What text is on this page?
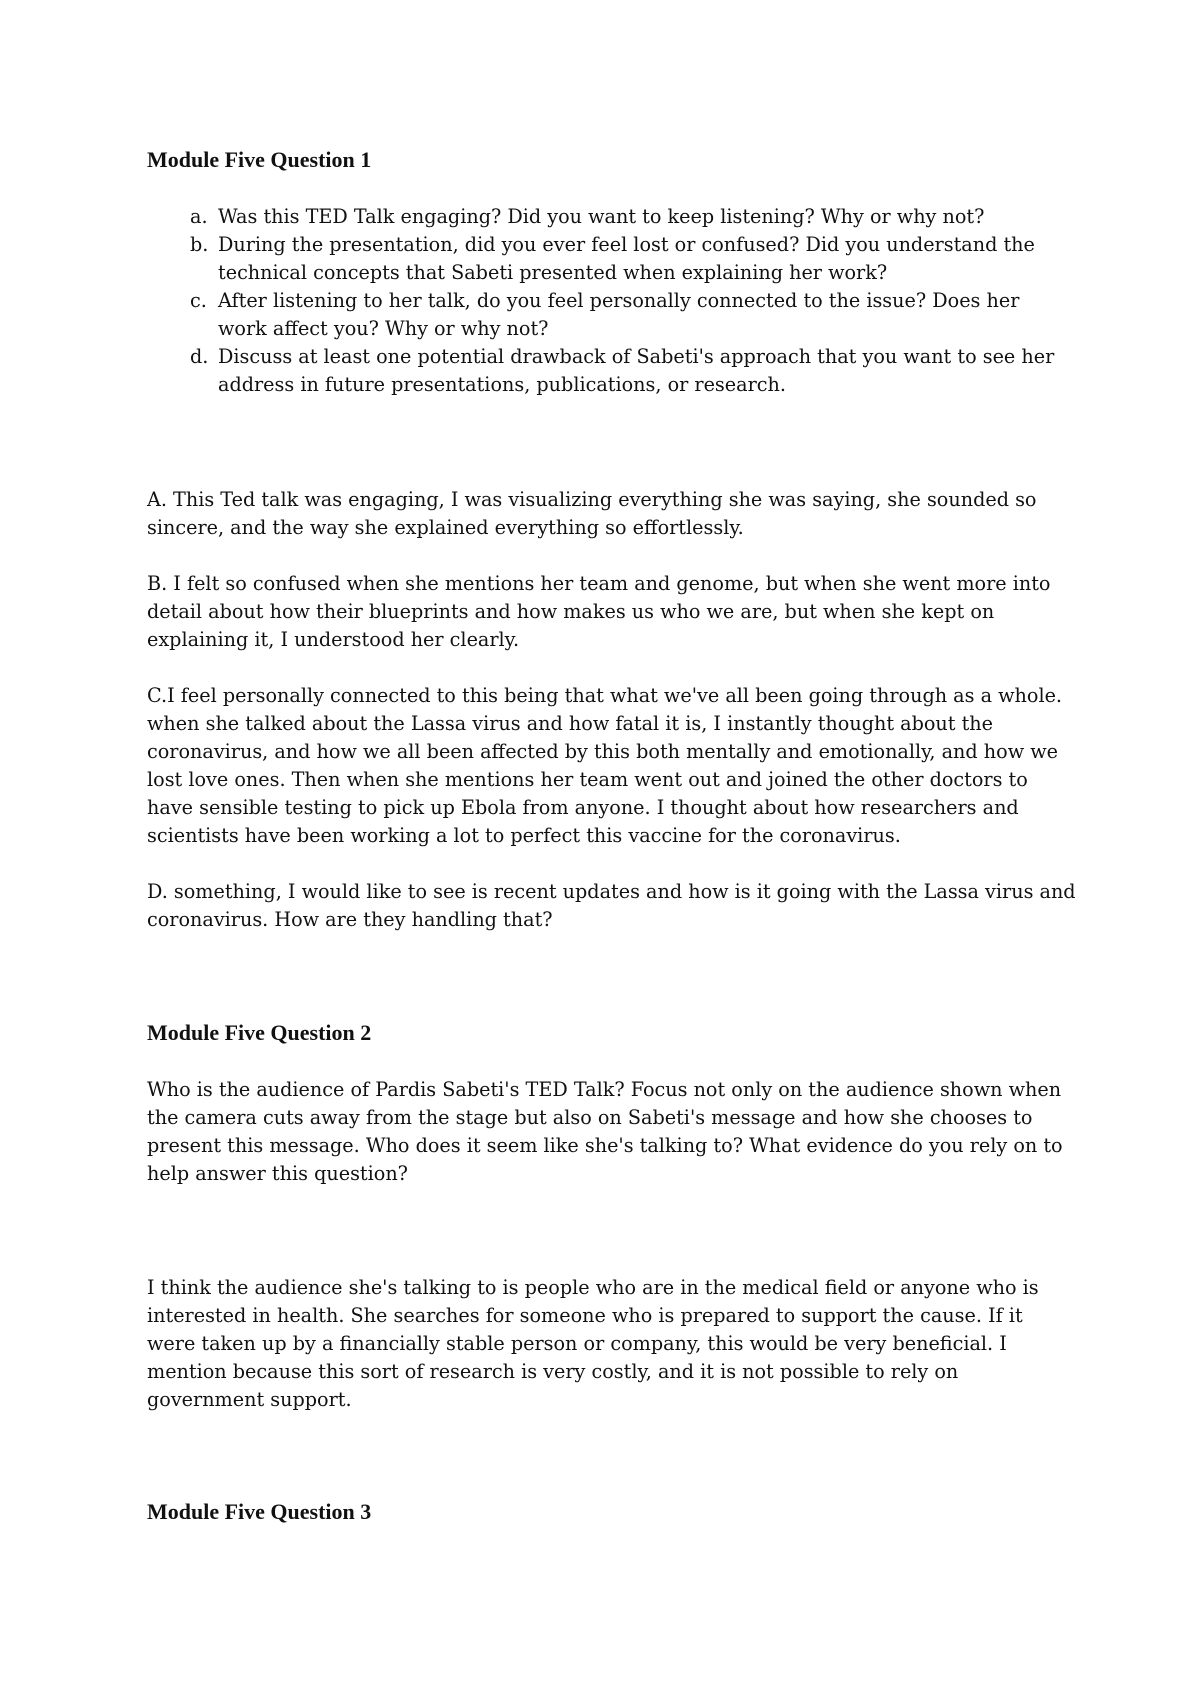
Module Five Question 1
a. Was this TED Talk engaging? Did you want to keep listening? Why or why not?
b. During the presentation, did you ever feel lost or confused? Did you understand the technical concepts that Sabeti presented when explaining her work?
c. After listening to her talk, do you feel personally connected to the issue? Does her work affect you? Why or why not?
d. Discuss at least one potential drawback of Sabeti's approach that you want to see her address in future presentations, publications, or research.

A. This Ted talk was engaging, I was visualizing everything she was saying, she sounded so sincere, and the way she explained everything so effortlessly.

B. I felt so confused when she mentions her team and genome, but when she went more into detail about how their blueprints and how makes us who we are, but when she kept on explaining it, I understood her clearly.

C.I feel personally connected to this being that what we've all been going through as a whole. when she talked about the Lassa virus and how fatal it is, I instantly thought about the coronavirus, and how we all been affected by this both mentally and emotionally, and how we lost love ones. Then when she mentions her team went out and joined the other doctors to have sensible testing to pick up Ebola from anyone. I thought about how researchers and scientists have been working a lot to perfect this vaccine for the coronavirus.

D. something, I would like to see is recent updates and how is it going with the Lassa virus and coronavirus. How are they handling that?

Module Five Question 2

Who is the audience of Pardis Sabeti's TED Talk? Focus not only on the audience shown when the camera cuts away from the stage but also on Sabeti's message and how she chooses to present this message. Who does it seem like she's talking to? What evidence do you rely on to help answer this question?

I think the audience she's talking to is people who are in the medical field or anyone who is interested in health. She searches for someone who is prepared to support the cause. If it were taken up by a financially stable person or company, this would be very beneficial. I mention because this sort of research is very costly, and it is not possible to rely on government support.

Module Five Question 3
